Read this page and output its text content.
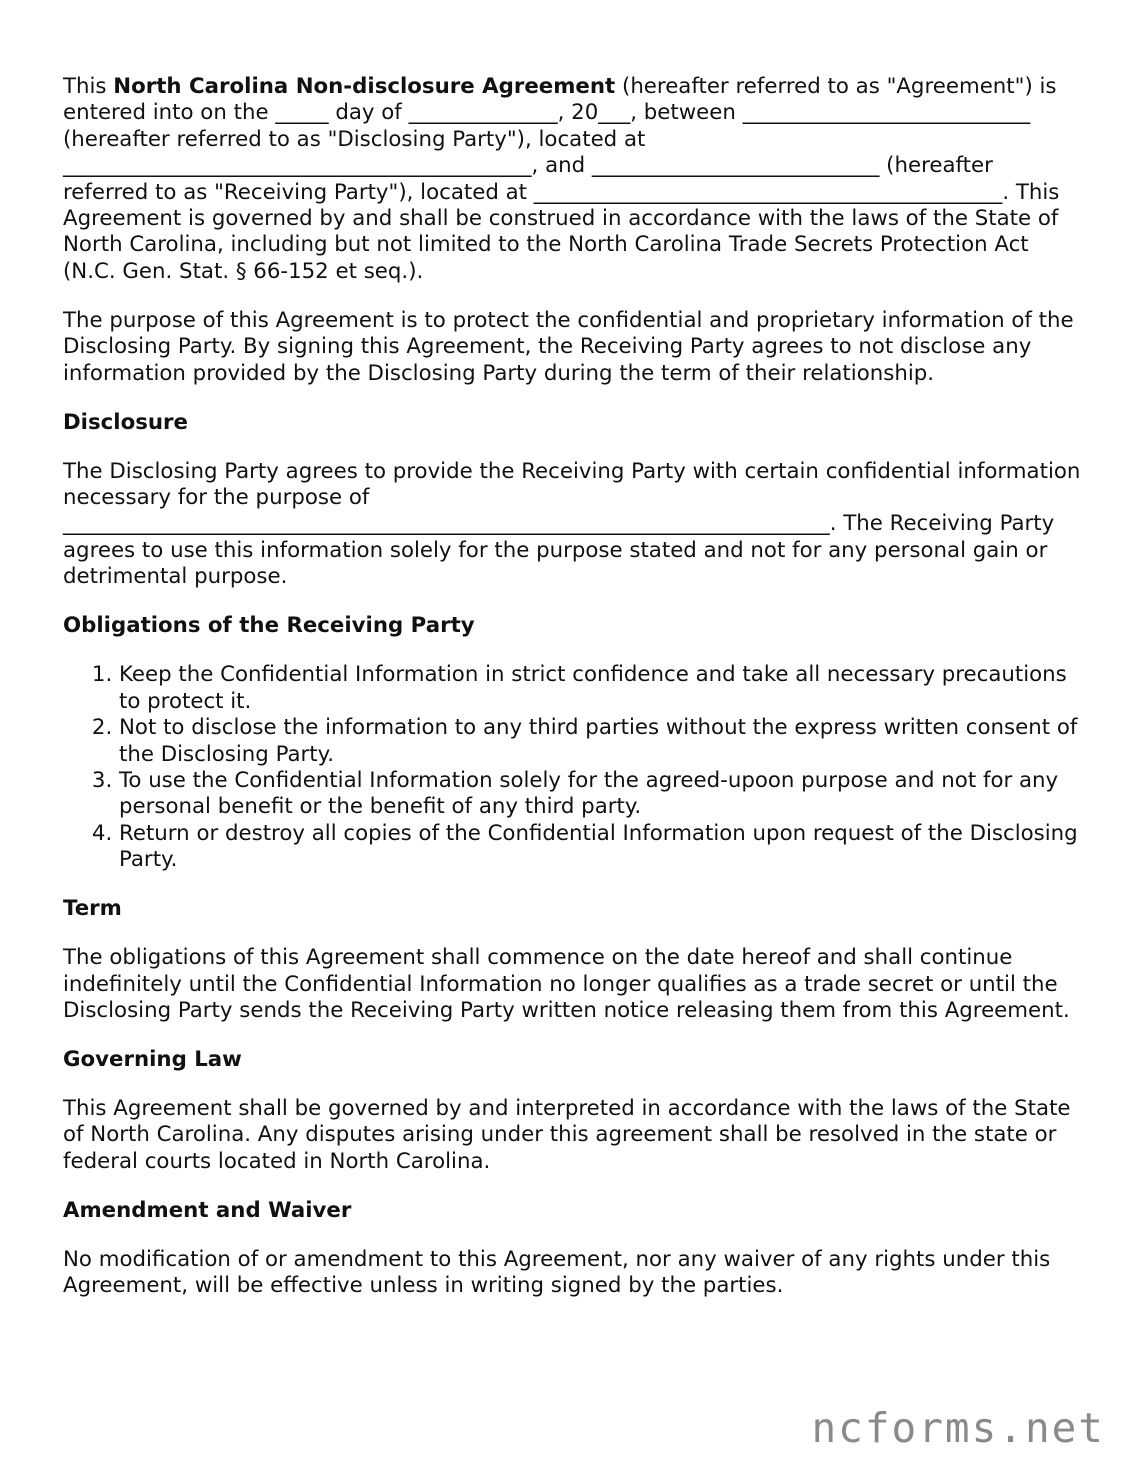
This North Carolina Non-disclosure Agreement (hereafter referred to as "Agreement") is entered into on the _____ day of ______________, 20___, between ___________________________ (hereafter referred to as "Disclosing Party"), located at ____________________________________________, and ___________________________ (hereafter referred to as "Receiving Party"), located at ____________________________________________. This Agreement is governed by and shall be construed in accordance with the laws of the State of North Carolina, including but not limited to the North Carolina Trade Secrets Protection Act (N.C. Gen. Stat. § 66-152 et seq.).

The purpose of this Agreement is to protect the confidential and proprietary information of the Disclosing Party. By signing this Agreement, the Receiving Party agrees to not disclose any information provided by the Disclosing Party during the term of their relationship.

Disclosure

The Disclosing Party agrees to provide the Receiving Party with certain confidential information necessary for the purpose of
________________________________________________________________________. The Receiving Party agrees to use this information solely for the purpose stated and not for any personal gain or detrimental purpose.

Obligations of the Receiving Party
1. Keep the Confidential Information in strict confidence and take all necessary precautions to protect it.
2. Not to disclose the information to any third parties without the express written consent of the Disclosing Party.
3. To use the Confidential Information solely for the agreed-upoon purpose and not for any personal benefit or the benefit of any third party.
4. Return or destroy all copies of the Confidential Information upon request of the Disclosing Party.
Term

The obligations of this Agreement shall commence on the date hereof and shall continue indefinitely until the Confidential Information no longer qualifies as a trade secret or until the Disclosing Party sends the Receiving Party written notice releasing them from this Agreement.

Governing Law

This Agreement shall be governed by and interpreted in accordance with the laws of the State of North Carolina. Any disputes arising under this agreement shall be resolved in the state or federal courts located in North Carolina.

Amendment and Waiver

No modification of or amendment to this Agreement, nor any waiver of any rights under this Agreement, will be effective unless in writing signed by the parties.

ncforms.net
